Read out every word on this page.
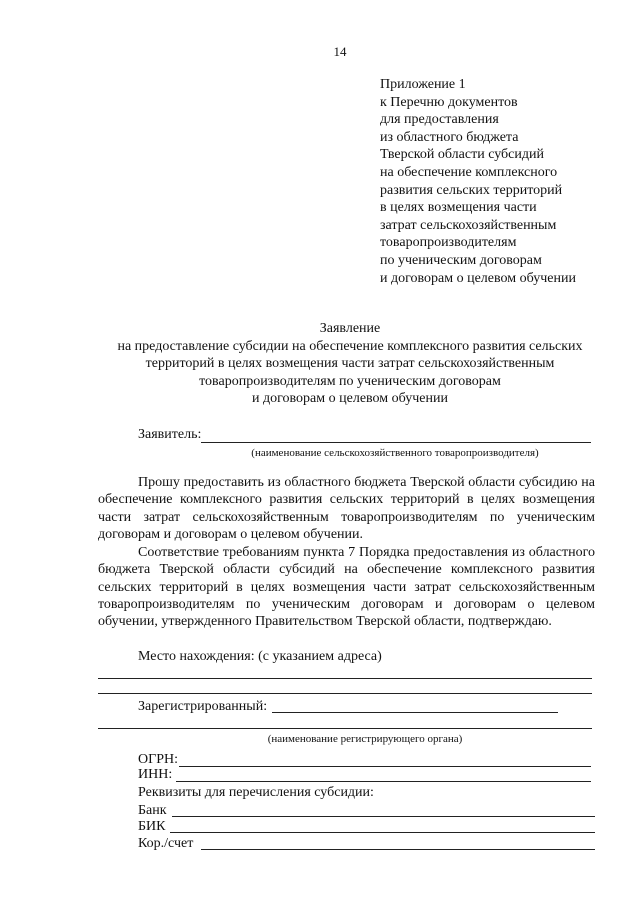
14
Приложение 1
к Перечню документов
для предоставления
из областного бюджета
Тверской области субсидий
на обеспечение комплексного
развития сельских территорий
в целях возмещения части
затрат сельскохозяйственным
товаропроизводителям
по ученическим договорам
и договорам о целевом обучении
Заявление
на предоставление субсидии на обеспечение комплексного развития сельских
территорий в целях возмещения части затрат сельскохозяйственным
товаропроизводителям по ученическим договорам
и договорам о целевом обучении
Заявитель:
(наименование сельскохозяйственного товаропроизводителя)
Прошу предоставить из областного бюджета Тверской области субсидию на обеспечение комплексного развития сельских территорий в целях возмещения части затрат сельскохозяйственным товаропроизводителям по ученическим договорам и договорам о целевом обучении.
Соответствие требованиям пункта 7 Порядка предоставления из областного бюджета Тверской области субсидий на обеспечение комплексного развития сельских территорий в целях возмещения части затрат сельскохозяйственным товаропроизводителям по ученическим договорам и договорам о целевом обучении, утвержденного Правительством Тверской области, подтверждаю.
Место нахождения: (с указанием адреса)
Зарегистрированный:
(наименование регистрирующего органа)
ОГРН:
ИНН:
Реквизиты для перечисления субсидии:
Банк
БИК
Кор./счет
